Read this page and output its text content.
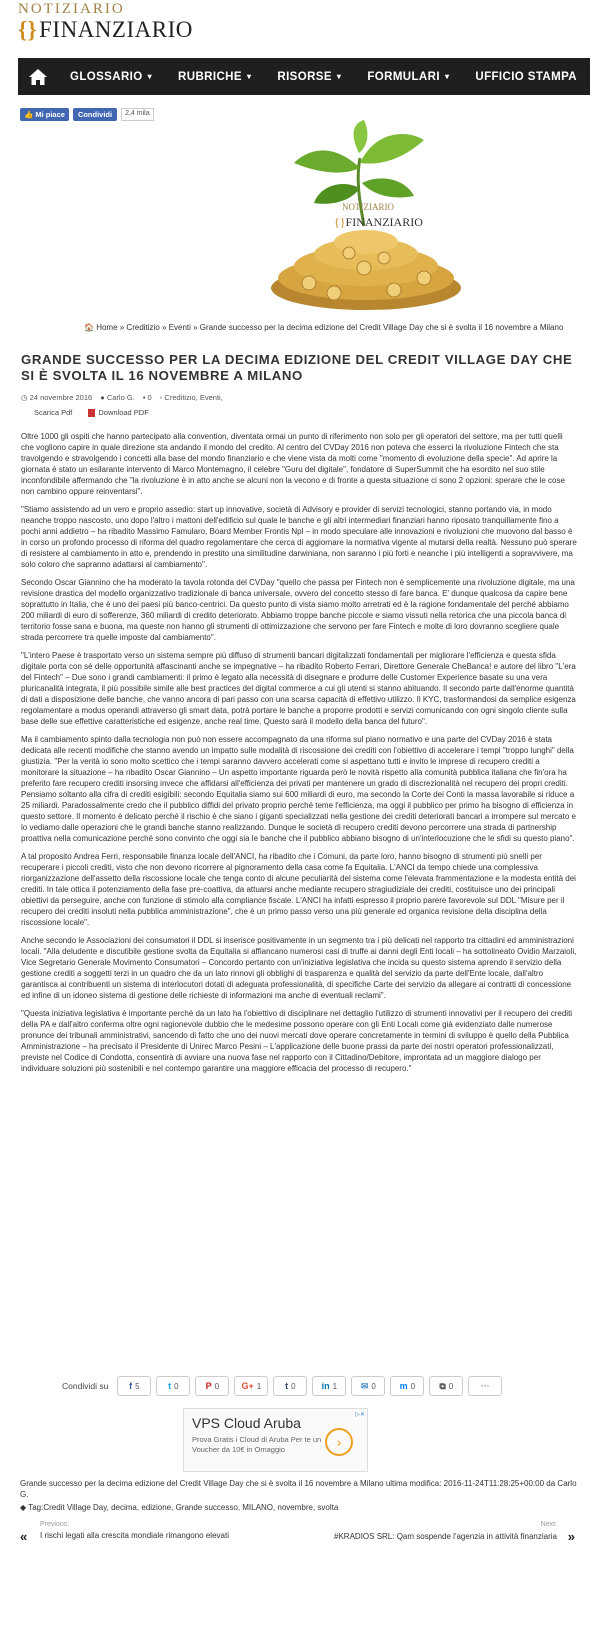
NOTIZIARIO
{}FINANZIARIO
GLOSSARIO ▾ RUBRICHE ▾ RISORSE ▾ FORMULARI ▾ UFFICIO STAMPA
👍 Mi piace	Condividi	2,4 mila
NOTIZIARIO
{}FINANZIARIO
🏠 Home » Creditizio » Eventi » Grande successo per la decima edizione del Credit Village Day che si è svolta il 16 novembre a Milano
GRANDE SUCCESSO PER LA DECIMA EDIZIONE DEL CREDIT VILLAGE DAY CHE SI È SVOLTA IL 16 NOVEMBRE A MILANO
◷ 24 novembre 2016 ● Carlo G. ▪ 0 ▫ Creditizio, Eventi,
Scarica Pdf	Download PDF

Oltre 1000 gli ospiti che hanno partecipato alla convention, diventata ormai un punto di riferimento non solo per gli operatori del settore, ma per tutti quelli che vogliono capire in quale direzione sta andando il mondo del credito. Al centro del CVDay 2016 non poteva che esserci la rivoluzione Fintech che sta travolgendo e stravolgendo i concetti alla base del mondo finanziario e che viene vista da molti come "momento di evoluzione della specie". Ad aprire la giornata è stato un esilarante intervento di Marco Montemagno, il celebre "Guru del digitale", fondatore di SuperSummit che ha esordito nel suo stile inconfondibile affermando che "la rivoluzione è in atto anche se alcuni non la vecono e di fronte a questa situazione ci sono 2 opzioni: sperare che le cose non cambino oppure reinventarsi".

"Stiamo assistendo ad un vero e proprio assedio: start up innovative, società di Advisory e provider di servizi tecnologici, stanno portando via, in modo neanche troppo nascosto, uno dopo l'altro i mattoni dell'edificio sul quale le banche e gli altri intermediari finanziari hanno riposato tranquillamente fino a pochi anni addietro – ha ribadito Massimo Famularo, Board Member Frontis Npl – in modo speculare alle innovazioni e rivoluzioni che muovono dal basso è in corso un profondo processo di riforma del quadro regolamentare che cerca di aggiornare la normativa vigente al mutarsi della realtà. Nessuno può sperare di resistere al cambiamento in atto e, prendendo in prestito una similitudine darwiniana, non saranno i più forti e neanche i più intelligenti a sopravvivere, ma solo coloro che sapranno adattarsi al cambiamento".

Secondo Oscar Giannino che ha moderato la tavola rotonda del CVDay "quello che passa per Fintech non è semplicemente una rivoluzione digitale, ma una revisione drastica del modello organizzativo tradizionale di banca universale, ovvero del concetto stesso di fare banca. E' dunque qualcosa da capire bene soprattutto in Italia, che è uno dei paesi più banco-centrici. Da questo punto di vista siamo molto arretrati ed è la ragione fondamentale del perché abbiamo 200 miliardi di euro di sofferenze, 360 miliardi di credito deteriorato. Abbiamo troppe banche piccole e siamo vissuti nella retorica che una piccola banca di territorio fosse sana e buona, ma queste non hanno gli strumenti di ottimizzazione che servono per fare Fintech e molte di loro dovranno scegliere quale strada percorrere tra quelle imposte dal cambiamento".

"L'intero Paese è trasportato verso un sistema sempre più diffuso di strumenti bancari digitalizzati fondamentali per migliorare l'efficienza e questa sfida digitale porta con sé delle opportunità affascinanti anche se impegnative – ha ribadito Roberto Ferrari, Direttore Generale CheBanca! e autore del libro "L'era del Fintech" – Due sono i grandi cambiamenti: il primo è legato alla necessità di disegnare e produrre delle Customer Experience basate su una vera pluricanalità integrata, il più possibile simile alle best practices del digital commerce a cui gli utenti si stanno abituando. Il secondo parte dall'enorme quantità di dati a disposizione delle banche, che vanno ancora di pari passo con una scarsa capacità di effettivo utilizzo. Il KYC, trasformandosi da semplice esigenza regolamentare a modus operandi attraverso gli smart data, potrà portare le banche a proporre prodotti e servizi comunicando con ogni singolo cliente sulla base delle sue effettive caratteristiche ed esigenze, anche real time. Questo sarà il modello della banca del futuro".

Ma il cambiamento spinto dalla tecnologia non può non essere accompagnato da una riforma sul piano normativo e una parte del CVDay 2016 è stata dedicata alle recenti modifiche che stanno avendo un impatto sulle modalità di riscossione dei crediti con l'obiettivo di accelerare i tempi "troppo lunghi" della giustizia. "Per la verità io sono molto scettico che i tempi saranno davvero accelerati come si aspettano tutti e invito le imprese di recupero crediti a monitorare la situazione – ha ribadito Oscar Giannino – Un aspetto importante riguarda però le novità rispetto alla comunità pubblica italiana che fin'ora ha preferito fare recupero crediti insorsing invece che affidarsi all'efficienza dei privati per mantenere un grado di discrezionalità nel recupero dei propri crediti. Pensiamo soltanto alla cifra di crediti esigibili: secondo Equitalia siamo sui 600 miliardi di euro, ma secondo la Corte dei Conti la massa lavorabile si riduce a 25 miliardi. Paradossalmente credo che il pubblico diffidi del privato proprio perché teme l'efficienza, ma oggi il pubblico per primo ha bisogno di efficienza in questo settore. Il momento è delicato perché il rischio è che siano i giganti specializzati nella gestione dei crediti deteriorati bancari a irrompere sul mercato e lo vediamo dalle operazioni che le grandi banche stanno realizzando. Dunque le società di recupero crediti devono percorrere una strada di partnership proattiva nella comunicazione perché sono convinto che oggi sia le banche che il pubblico abbiano bisogno di un'interlocuzione che le sfidi su questo piano".

A tal proposito Andrea Ferri, responsabile finanza locale dell'ANCI, ha ribadito che i Comuni, da parte loro, hanno bisogno di strumenti più snelli per recuperare i piccoli crediti, visto che non devono ricorrere al pignoramento della casa come fa Equitalia. L'ANCI da tempo chiede una complessiva riorganizzazione dell'assetto della riscossione locale che tenga conto di alcune peculiarità del sistema come l'elevata frammentazione e la modesta entità dei crediti. In tale ottica il potenziamento della fase pre-coattiva, da attuarsi anche mediante recupero stragiudiziale dei crediti, costituisce uno dei principali obiettivi da perseguire, anche con funzione di stimolo alla compliance fiscale. L'ANCI ha infatti espresso il proprio parere favorevole sul DDL "Misure per il recupero dei crediti insoluti nella pubblica amministrazione", che è un primo passo verso una più generale ed organica revisione della disciplina della riscossione locale".

Anche secondo le Associazioni dei consumatori il DDL si inserisce positivamente in un segmento tra i più delicati nel rapporto tra cittadini ed amministrazioni locali. "Alla deludente e discutibile gestione svolta da Equitalia si affiancano numerosi casi di truffe ai danni degli Enti locali – ha sottolineato Ovidio Marzaioli, Vice Segretario Generale Movimento Consumatori – Concordo pertanto con un'iniziativa legislativa che incida su questo sistema aprendo il servizio della gestione crediti a soggetti terzi in un quadro che da un lato rinnovi gli obblighi di trasparenza e qualità del servizio da parte dell'Ente locale, dall'altro garantisca ai contribuenti un sistema di interlocutori dotati di adeguata professionalità, di specifiche Carte dei servizio da allegare ai contratti di concessione ed infine di un idoneo sistema di gestione delle richieste di informazioni ma anche di eventuali reclami".

"Questa iniziativa legislativa è importante perché da un lato ha l'obiettivo di disciplinare nel dettaglio l'utilizzo di strumenti innovativi per il recupero dei crediti della PA e dall'altro conferma oltre ogni ragionevole dubbio che le medesime possono operare con gli Enti Locali come già evidenziato dalle numerose pronunce dei tribunali amministrativi, sancendo di fatto che uno dei nuovi mercati dove operare concretamente in termini di sviluppo è quello della Pubblica Amministrazione – ha precisato il Presidente di Unirec Marco Pesini – L'applicazione delle buone prassi da parte dei nostri operatori professionalizzati, previste nel Codice di Condotta, consentirà di avviare una nuova fase nel rapporto con il Cittadino/Debitore, improntata ad un maggiore dialogo per individuare soluzioni più sostenibili e nel contempo garantire una maggiore efficacia del processo di recupero."

Condividi su f 5	t 0	P 0 G+ 1	t 0	in 1	✉ 0	m 0	⧉ 0	···
▷✕
VPS Cloud Aruba
Prova Gratis i Cloud di Aruba Per te un Voucher da 10€ in Omaggio	›
Grande successo per la decima edizione del Credit Village Day che si è svolta il 16 novembre a Milano ultima modifica: 2016-11-24T11:28:25+00:00 da Carlo G.
◆ Tag:Credit Village Day, decima, edizione, Grande successo, MILANO, novembre, svolta
Previous:
« I rischi legati alla crescita mondiale rimangono elevati
Next:
»
#KRADIOS SRL: Qam sospende l'agenzia in attività finanziaria
